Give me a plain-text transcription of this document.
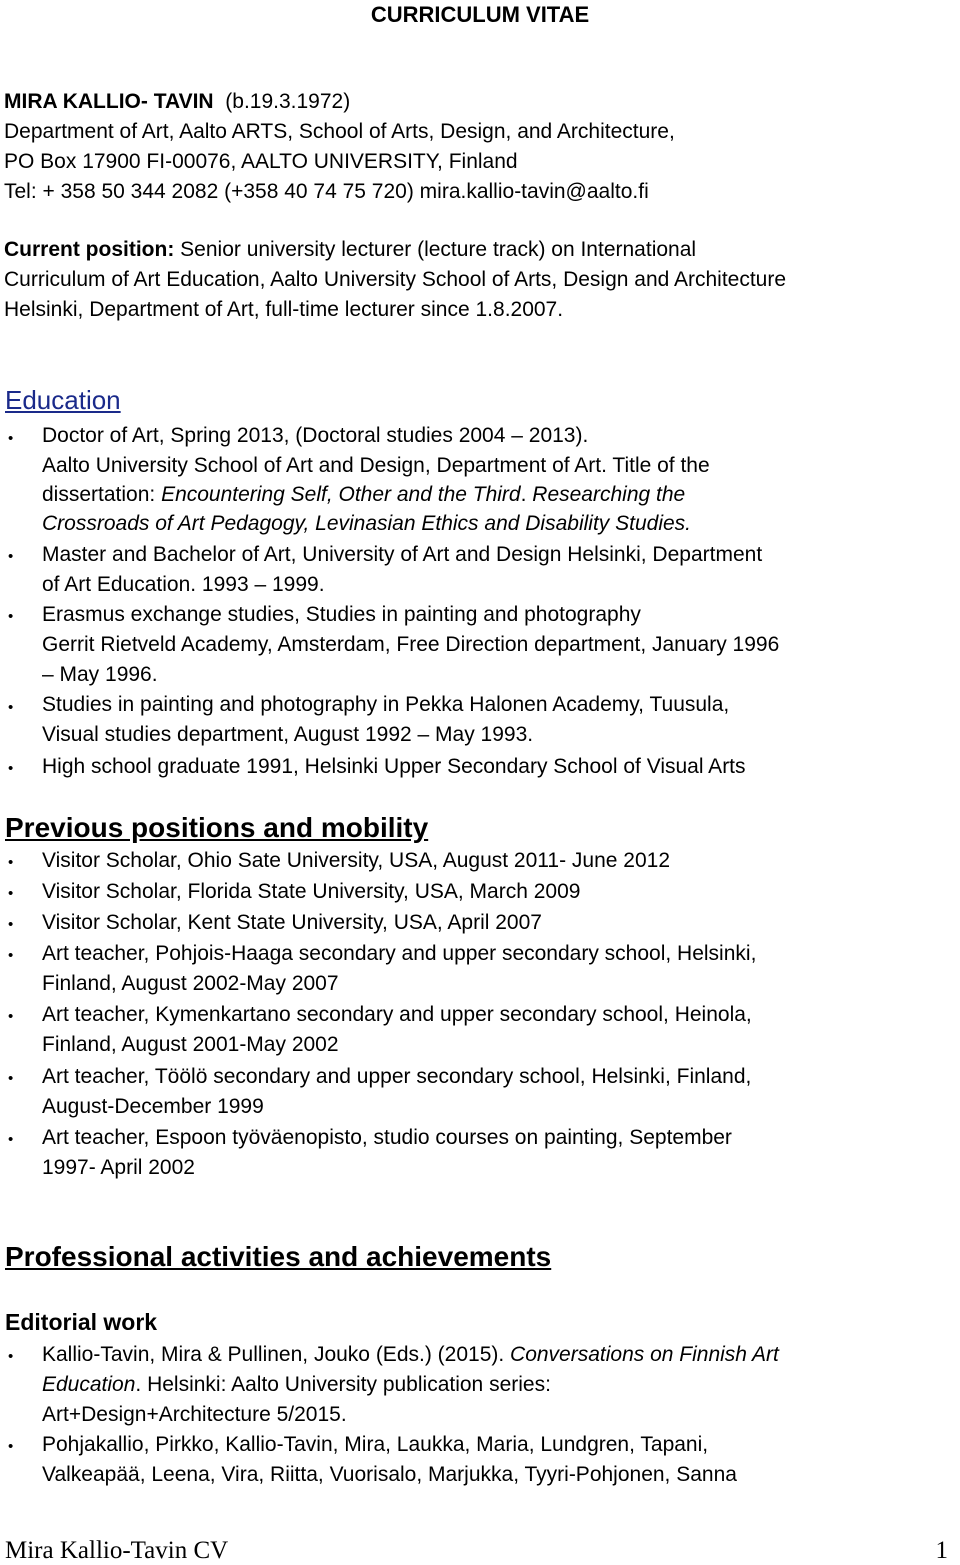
CURRICULUM VITAE
MIRA KALLIO- TAVIN (b.19.3.1972)
Department of Art, Aalto ARTS, School of Arts, Design, and Architecture,
PO Box 17900 FI-00076, AALTO UNIVERSITY, Finland
Tel: + 358 50 344 2082 (+358 40 74 75 720) mira.kallio-tavin@aalto.fi
Current position: Senior university lecturer (lecture track) on International
Curriculum of Art Education, Aalto University School of Arts, Design and Architecture
Helsinki, Department of Art, full-time lecturer since 1.8.2007.
Education
• Doctor of Art, Spring 2013, (Doctoral studies 2004 – 2013).
Aalto University School of Art and Design, Department of Art. Title of the
dissertation: Encountering Self, Other and the Third. Researching the
Crossroads of Art Pedagogy, Levinasian Ethics and Disability Studies.
• Master and Bachelor of Art, University of Art and Design Helsinki, Department
of Art Education. 1993 – 1999.
• Erasmus exchange studies, Studies in painting and photography
Gerrit Rietveld Academy, Amsterdam, Free Direction department, January 1996
– May 1996.
• Studies in painting and photography in Pekka Halonen Academy, Tuusula,
Visual studies department, August 1992 – May 1993.
• High school graduate 1991, Helsinki Upper Secondary School of Visual Arts
Previous positions and mobility
• Visitor Scholar, Ohio Sate University, USA, August 2011- June 2012
• Visitor Scholar, Florida State University, USA, March 2009
• Visitor Scholar, Kent State University, USA, April 2007
• Art teacher, Pohjois-Haaga secondary and upper secondary school, Helsinki,
Finland, August 2002-May 2007
• Art teacher, Kymenkartano secondary and upper secondary school, Heinola,
Finland, August 2001-May 2002
• Art teacher, Töölö secondary and upper secondary school, Helsinki, Finland,
August-December 1999
• Art teacher, Espoon työväenopisto, studio courses on painting, September
1997- April 2002
Professional activities and achievements
Editorial work
• Kallio-Tavin, Mira & Pullinen, Jouko (Eds.) (2015). Conversations on Finnish Art
Education. Helsinki: Aalto University publication series:
Art+Design+Architecture 5/2015.
• Pohjakallio, Pirkko, Kallio-Tavin, Mira, Laukka, Maria, Lundgren, Tapani,
Valkeapää, Leena, Vira, Riitta, Vuorisalo, Marjukka, Tyyri-Pohjonen, Sanna
Mira Kallio-Tavin CV	1
